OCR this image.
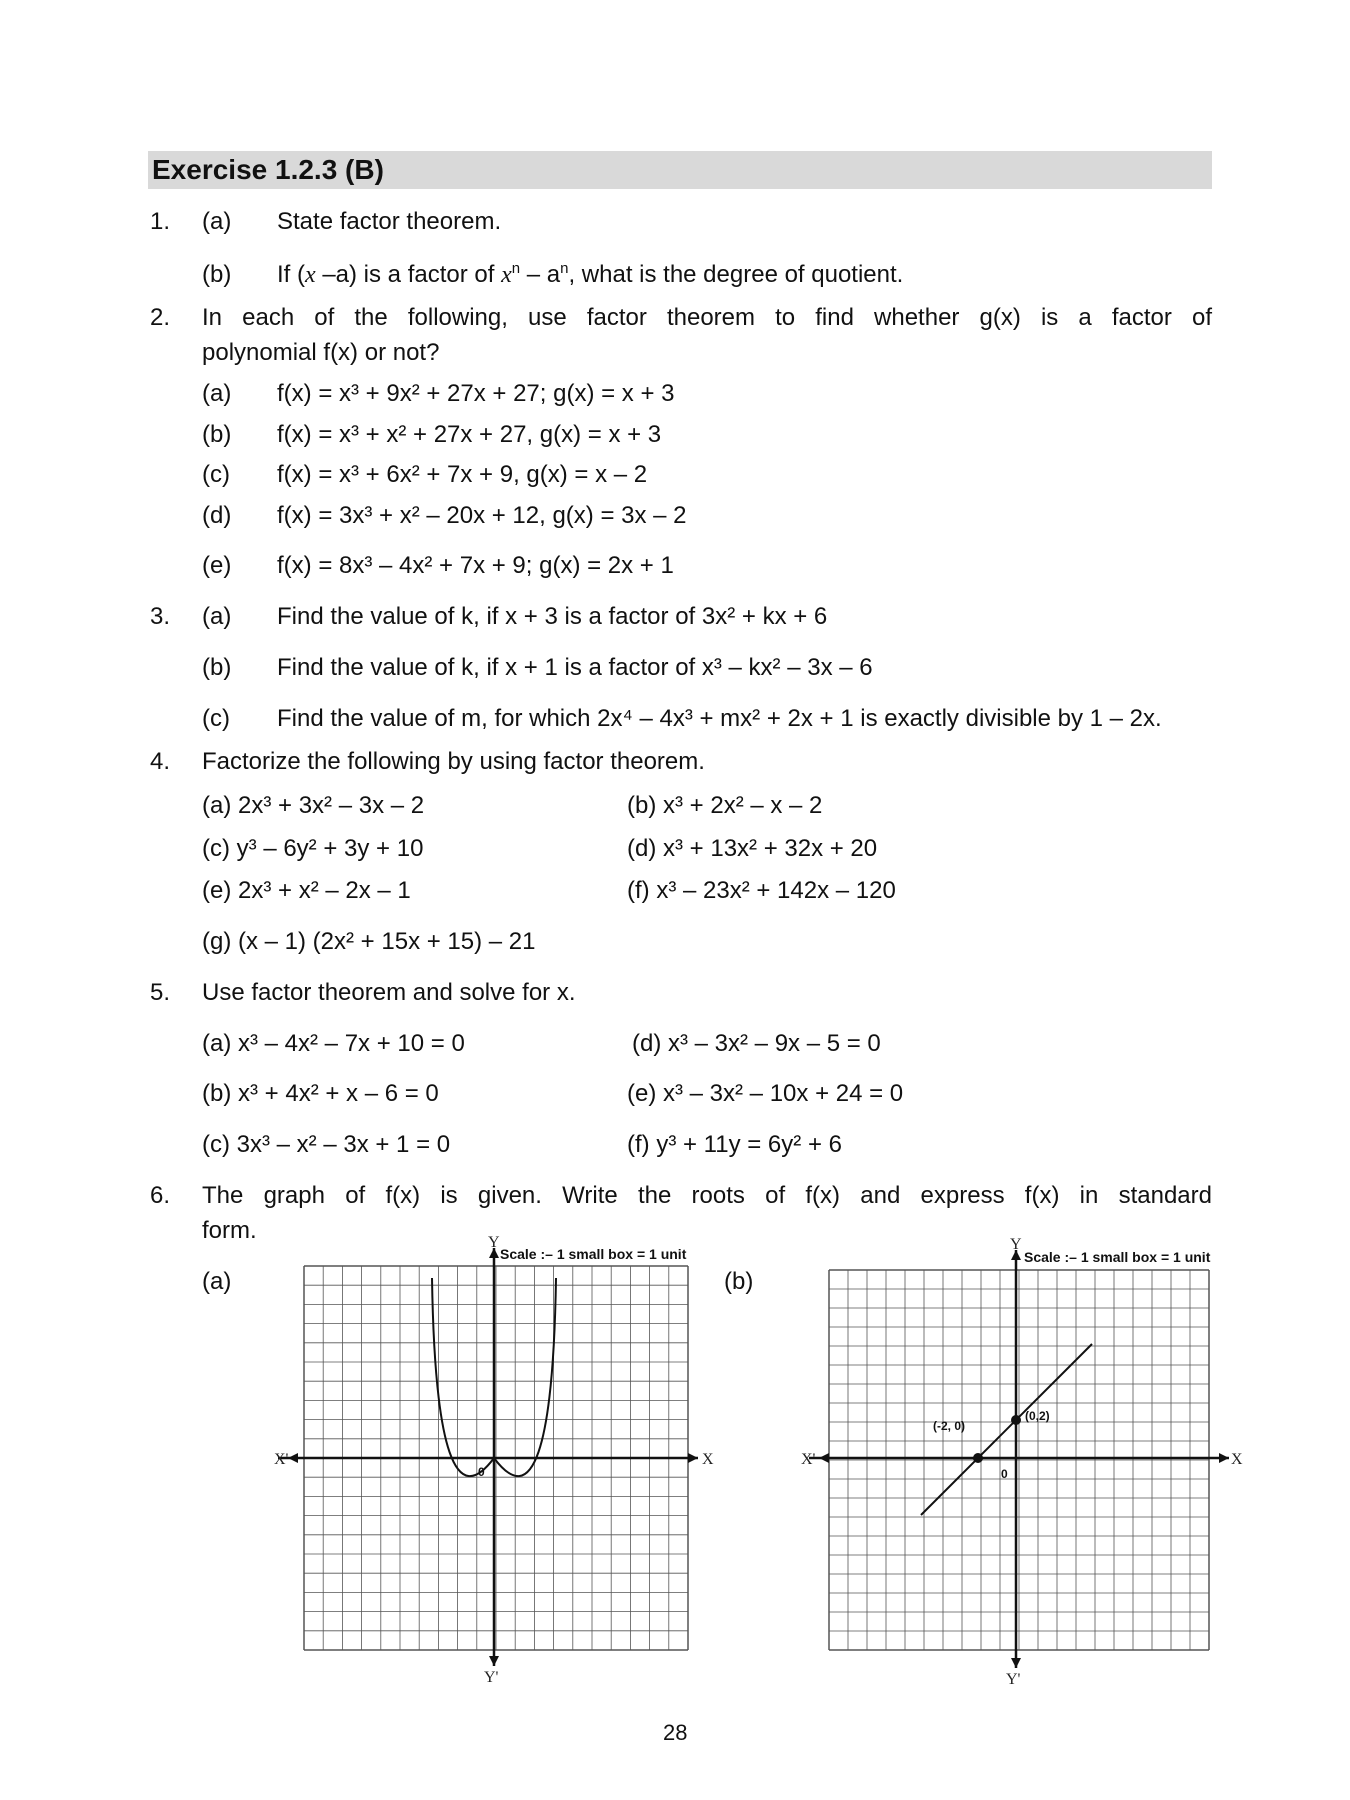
Exercise 1.2.3 (B)
1. (a) State factor theorem.
(b) If (x –a) is a factor of $x^n - a^n$, what is the degree of quotient.
2. In each of the following, use factor theorem to find whether g(x) is a factor of
polynomial f(x) or not?
(a) f(x) = x³ + 9x² + 27x + 27; g(x) = x + 3
(b) f(x) = x³ + x² + 27x + 27, g(x) = x + 3
(c) f(x) = x³ + 6x² + 7x + 9, g(x) = x – 2
(d) f(x) = 3x³ + x² – 20x + 12, g(x) = 3x – 2
(e) f(x) = 8x³ – 4x² + 7x + 9; g(x) = 2x + 1
3. (a) Find the value of k, if x + 3 is a factor of 3x² + kx + 6
(b) Find the value of k, if x + 1 is a factor of x³ – kx² – 3x – 6
(c) Find the value of m, for which 2x⁴ – 4x³ + mx² + 2x + 1 is exactly divisible by 1 – 2x.
4. Factorize the following by using factor theorem.
(a) 2x³ + 3x² – 3x – 2	(b) x³ + 2x² – x – 2
(c) y³ – 6y² + 3y + 10	(d) x³ + 13x² + 32x + 20
(e) 2x³ + x² – 2x – 1	(f) x³ – 23x² + 142x – 120
(g) (x – 1) (2x² + 15x + 15) – 21
5. Use factor theorem and solve for x.
(a) x³ – 4x² – 7x + 10 = 0	(d) x³ – 3x² – 9x – 5 = 0
(b) x³ + 4x² + x – 6 = 0	(e) x³ – 3x² – 10x + 24 = 0
(c) 3x³ – x² – 3x + 1 = 0	(f) y³ + 11y = 6y² + 6
6. The graph of f(x) is given. Write the roots of f(x) and express f(x) in standard
form.
(a)	(b)
Scale :– 1 small box = 1 unit
X'	X
Y
Y'
0
Scale :– 1 small box = 1 unit
(-2, 0)
(0,2)
X'	X
Y
Y'
0
28
